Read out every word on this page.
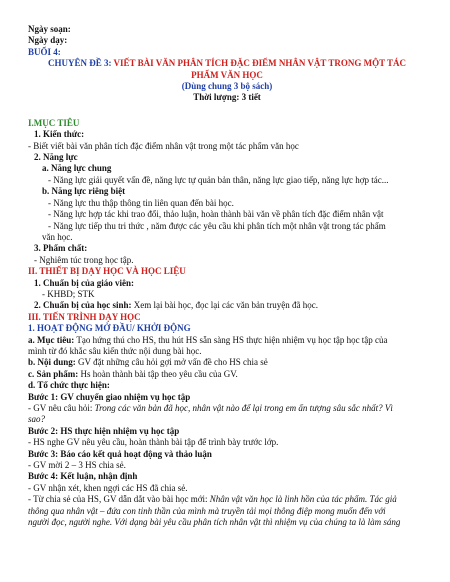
Ngày soạn:
Ngày dạy:
BUỔI 4:
CHUYÊN ĐỀ 3: VIẾT BÀI VĂN PHÂN TÍCH ĐẶC ĐIỂM NHÂN VẬT TRONG MỘT TÁC
PHẨM VĂN HỌC
(Dùng chung 3 bộ sách)
Thời lượng: 3 tiết
I.MỤC TIÊU
1. Kiến thức:
- Biết viết bài văn phân tích đặc điểm nhân vật trong một tác phẩm văn học
2. Năng lực
a. Năng lực chung
- Năng lực giải quyết vấn đề, năng lực tự quản bản thân, năng lực giao tiếp, năng lực hợp tác...
b. Năng lực riêng biệt
- Năng lực thu thập thông tin liên quan đến bài học.
- Năng lực hợp tác khi trao đổi, thảo luận, hoàn thành bài văn về phân tích đặc điểm nhân vật
- Năng lực tiếp thu tri thức , năm được các yêu cầu khi phân tích một nhân vật trong tác phẩm
văn học.
3. Phẩm chất:
- Nghiêm túc trong học tập.
II. THIẾT BỊ DẠY HỌC VÀ HỌC LIỆU
1. Chuẩn bị của giáo viên:
- KHBD; STK
2. Chuẩn bị của học sinh: Xem lại bài học, đọc lại các văn bản truyện đã học.
III. TIẾN TRÌNH DẠY HỌC
1. HOẠT ĐỘNG MỞ ĐẦU/ KHỞI ĐỘNG
a. Mục tiêu: Tạo hứng thú cho HS, thu hút HS sẵn sàng HS thực hiện nhiệm vụ học tập học tập của
mình từ đó khắc sâu kiến thức nội dung bài học.
b. Nội dung: GV đặt những câu hỏi gợi mở vấn đề cho HS chia sẻ
c. Sản phẩm: Hs hoàn thành bài tập theo yêu cầu của GV.
d. Tổ chức thực hiện:
Bước 1: GV chuyển giao nhiệm vụ học tập
- GV nêu câu hỏi: Trong các văn bản đã học, nhân vật nào để lại trong em ấn tượng sâu sắc nhất? Vì
sao?
Bước 2: HS thực hiện nhiệm vụ học tập
- HS nghe GV nêu yêu cầu, hoàn thành bài tập để trình bày trước lớp.
Bước 3: Báo cáo kết quả hoạt động và thảo luận
- GV mời 2 – 3 HS chia sẻ.
Bước 4: Kết luận, nhận định
- GV nhận xét, khen ngợi các HS đã chia sẻ.
- Từ chia sẻ của HS, GV dẫn dắt vào bài học mới: Nhân vật văn học là linh hồn của tác phẩm. Tác giả
thông qua nhân vật – đứa con tinh thần của mình mà truyền tải mọi thông điệp mong muốn đến với
người đọc, người nghe. Với dạng bài yêu cầu phân tích nhân vật thì nhiệm vụ của chúng ta là làm sáng
